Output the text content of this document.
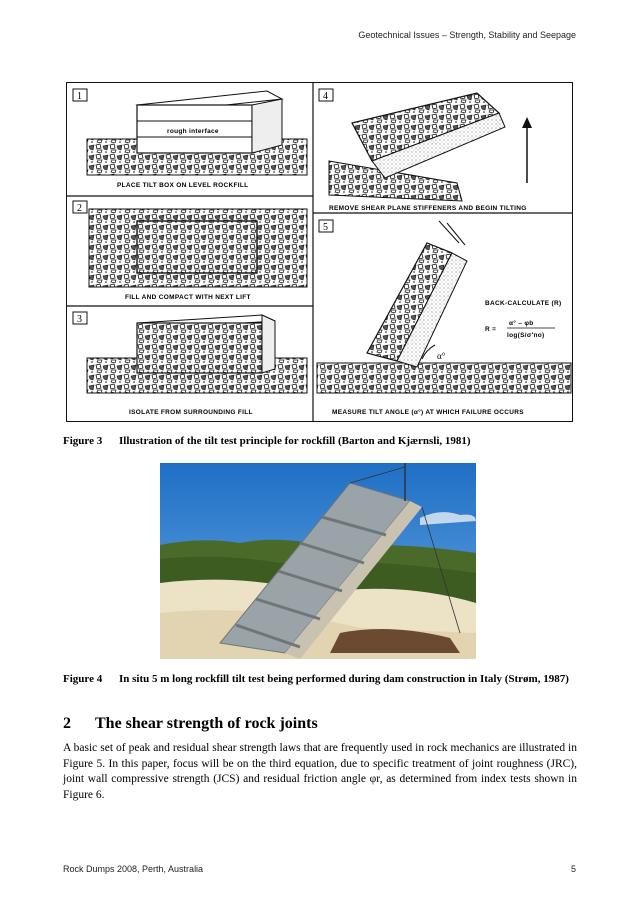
Geotechnical Issues – Strength, Stability and Seepage
1
rough interface
PLACE TILT BOX ON LEVEL ROCKFILL
2
FILL AND COMPACT WITH NEXT LIFT
3
ISOLATE FROM SURROUNDING FILL
4
REMOVE SHEAR PLANE STIFFENERS AND BEGIN TILTING
5
α°
BACK-CALCULATE (R)
R =
α° – φb
log(S/σ′no)
MEASURE TILT ANGLE (α°) AT WHICH FAILURE OCCURS
Figure 3 Illustration of the tilt test principle for rockfill (Barton and Kjærnsli, 1981)
Figure 4 In situ 5 m long rockfill tilt test being performed during dam construction in Italy (Strøm, 1987)
2 The shear strength of rock joints
A basic set of peak and residual shear strength laws that are frequently used in rock mechanics are illustrated in Figure 5. In this paper, focus will be on the third equation, due to specific treatment of joint roughness (JRC), joint wall compressive strength (JCS) and residual friction angle φr, as determined from index tests shown in Figure 6.
Rock Dumps 2008, Perth, Australia	5
